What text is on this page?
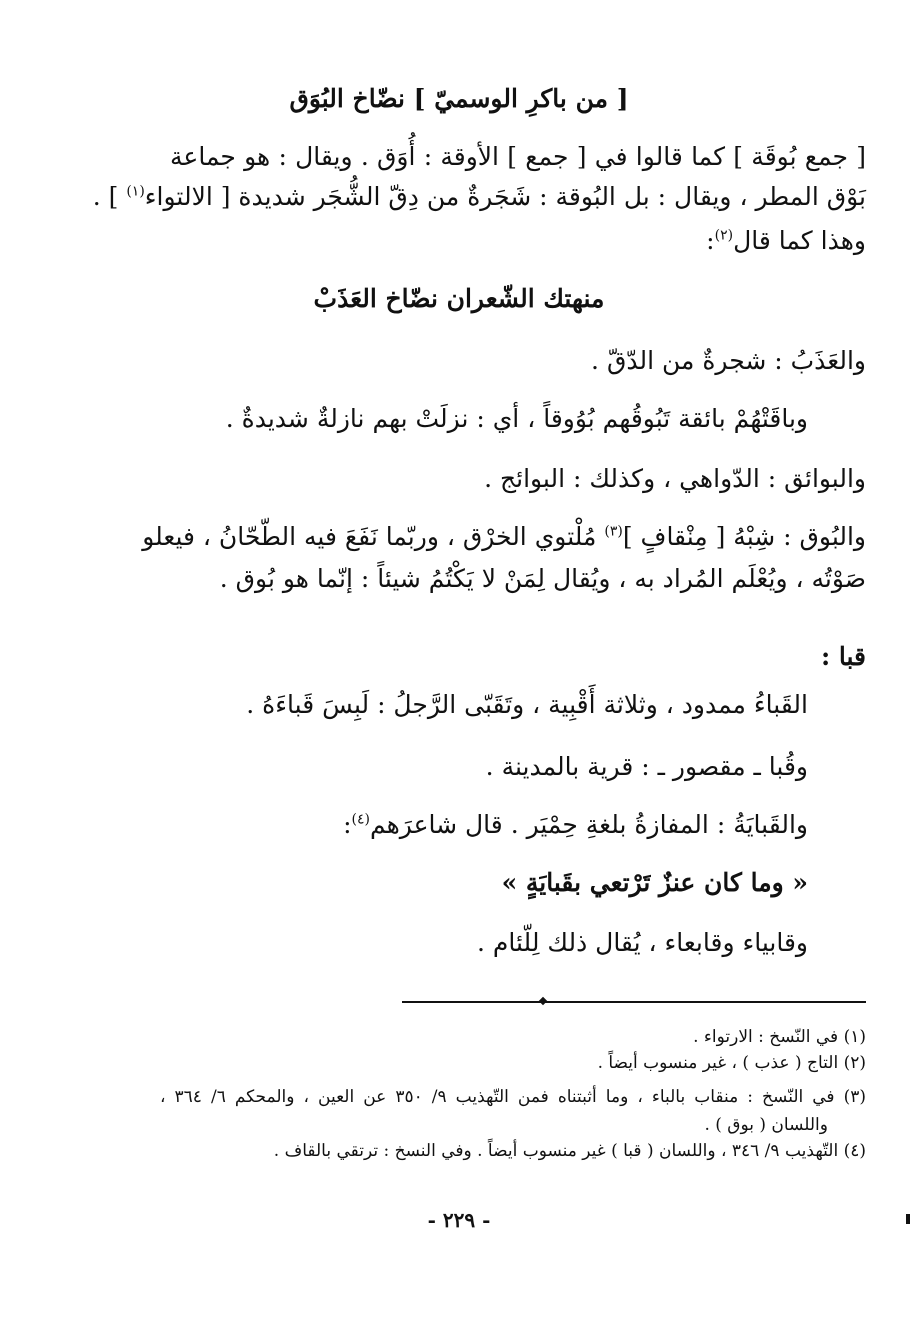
[ من باكرِ الوسميّ ] نضّاخ البُوَق
[ جمع بُوقَة ] كما قالوا في [ جمع ] الأوقة : أُوَق . ويقال : هو جماعة
بَوْق المطر ، ويقال : بل البُوقة : شَجَرةٌ من دِقّ الشُّجَر شديدة [ الالتواء$^{(١)}$ ] .
وهذا كما قال$^{(٢)}$:
منهتك الشّعران نضّاخ العَذَبْ
والعَذَبُ : شجرةٌ من الدّقّ .
وباقَتْهُمْ بائقة تَبُوقُهم بُوُوقاً ، أي : نزلَتْ بهم نازلةٌ شديدةٌ .
والبوائق : الدّواهي ، وكذلك : البوائج .
والبُوق : شِبْهُ [ مِنْقافٍ ]$^{(٣)}$ مُلْتوي الخرْق ، وربّما نَفَعَ فيه الطّحّانُ ، فيعلو
صَوْتُه ، ويُعْلَم المُراد به ، ويُقال لِمَنْ لا يَكْتُمُ شيئاً : إنّما هو بُوق .
قبا :
القَباءُ ممدود ، وثلاثة أَقْبِية ، وتَقَبّى الرَّجلُ : لَبِسَ قَباءَهُ .
وقُبا ـ مقصور ـ : قرية بالمدينة .
والقَبايَةُ : المفازةُ بلغةِ حِمْيَر . قال شاعرَهم$^{(٤)}$:
« وما كان عنزٌ تَرْتعي بقَبايَةٍ »
وقابياء وقابعاء ، يُقال ذلك لِلّئام .
(١) في النّسخ : الارتواء .
(٢) التاج ( عذب ) ، غير منسوب أيضاً .
(٣) في النّسخ : منقاب بالباء ، وما أثبتناه فمن التّهذيب ٩/ ٣٥٠ عن العين ، والمحكم ٦/ ٣٦٤ ،
واللسان ( بوق ) .
(٤) التّهذيب ٩/ ٣٤٦ ، واللسان ( قبا ) غير منسوب أيضاً . وفي النسخ : ترتقي بالقاف .
- ٢٢٩ -
